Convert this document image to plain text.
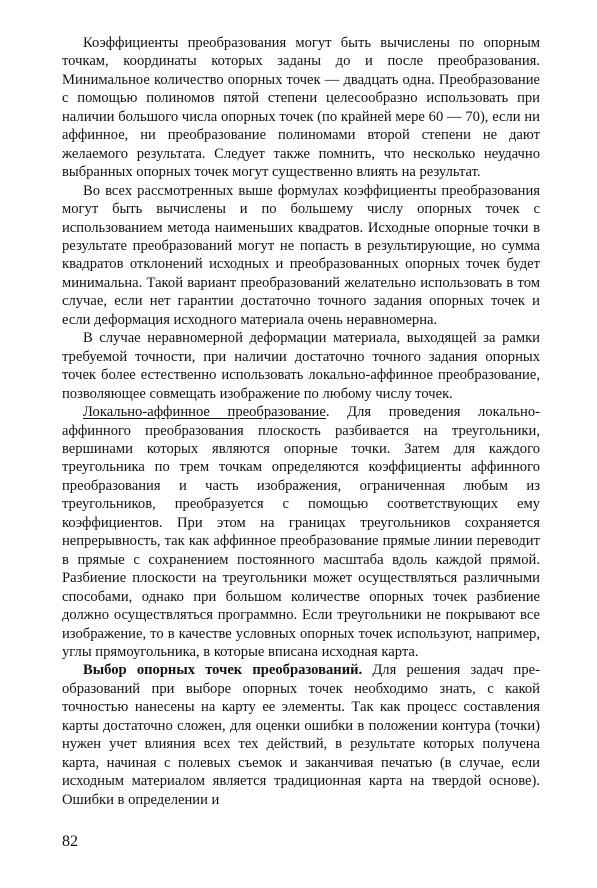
Коэффициенты преобразования могут быть вычислены по опорным точкам, координаты которых заданы до и после преобразования. Минимальное количество опорных точек — двадцать одна. Преобразование с помощью полиномов пятой степени целесообразно использовать при наличии большого числа опорных точек (по крайней мере 60 — 70), если ни аффинное, ни преобразование полиномами второй степени не дают желаемого результата. Следует также помнить, что несколько неудачно выбранных опорных точек могут существенно влиять на результат.

Во всех рассмотренных выше формулах коэффициенты преобразования могут быть вычислены и по большему числу опорных точек с использованием метода наименьших квадратов. Исходные опорные точки в результате преобразований могут не попасть в результирующие, но сумма квадратов отклонений исходных и преобразованных опорных точек будет минимальна. Такой вариант преобразований желательно использовать в том случае, если нет гарантии достаточно точного задания опорных точек и если деформация исходного материала очень неравномерна.

В случае неравномерной деформации материала, выходящей за рамки требуемой точности, при наличии достаточно точного задания опорных точек более естественно использовать локально-аффинное преобразование, позволяющее совмещать изображение по любому числу точек.

Локально-аффинное преобразование. Для проведения локально-аффинного преобразования плоскость разбивается на треугольники, вершинами которых являются опорные точки. Затем для каждого треугольника по трем точкам определяются коэффициенты аффинного преобразования и часть изображения, ограниченная любым из треугольников, преобразуется с помощью соответствующих ему коэффициентов. При этом на границах треугольников сохраняется непрерывность, так как аффинное преобразование прямые линии переводит в прямые с сохранением постоянного масштаба вдоль каждой прямой. Разбиение плоскости на треугольники может осуществляться различными способами, однако при большом количестве опорных точек разбиение должно осуществляться программно. Если треугольники не покрывают все изображение, то в качестве условных опорных точек используют, например, углы прямоугольника, в которые вписана исходная карта.

Выбор опорных точек преобразований. Для решения задач преобразований при выборе опорных точек необходимо знать, с какой точностью нанесены на карту ее элементы. Так как процесс составления карты достаточно сложен, для оценки ошибки в положении контура (точки) нужен учет влияния всех тех действий, в результате которых получена карта, начиная с полевых съемок и заканчивая печатью (в случае, если исходным материалом является традиционная карта на твердой основе). Ошибки в определении и

82
